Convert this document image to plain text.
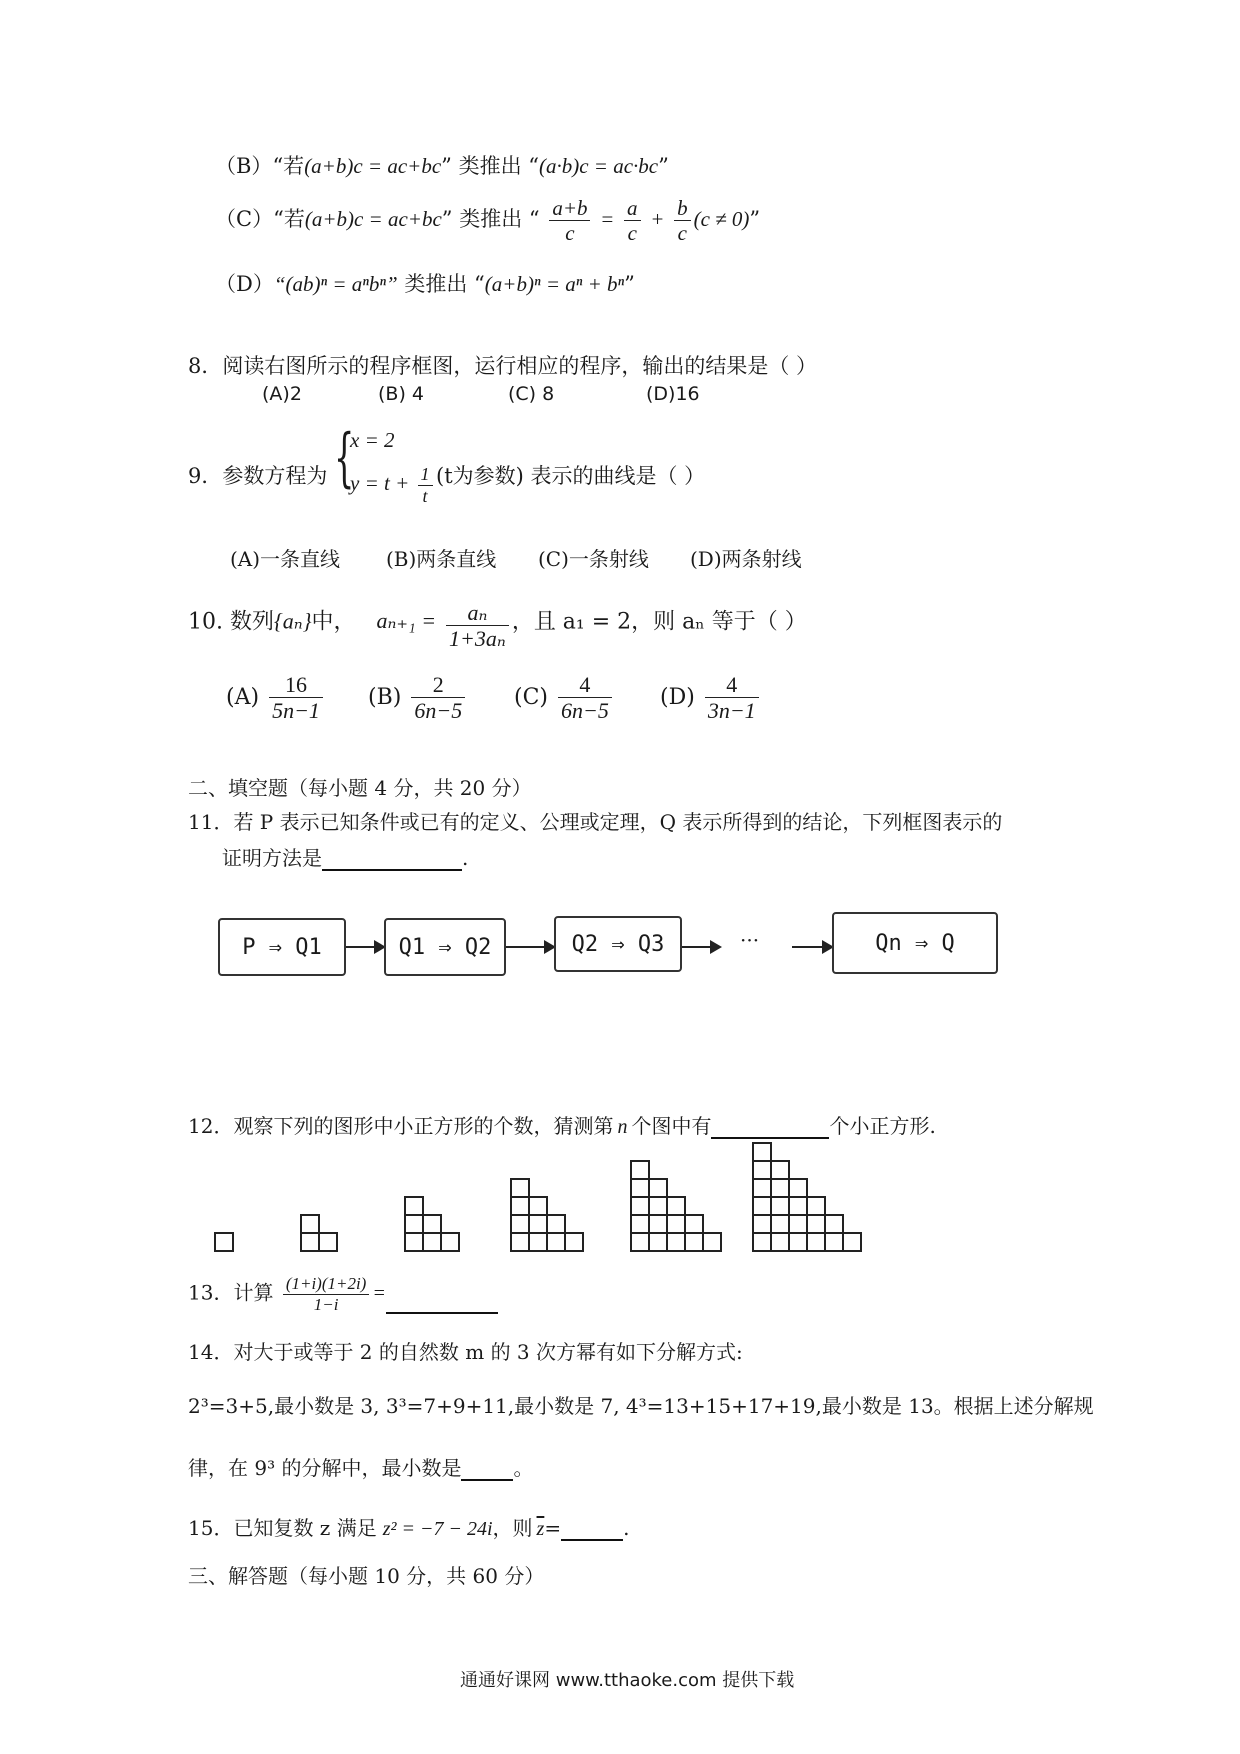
（B）“若(a+b)c = ac+bc” 类推出 “(a·b)c = ac·bc”
（C）“若(a+b)c = ac+bc” 类推出 “ $\frac{a+b}{c} = \frac{a}{c} + \frac{b}{c} (c \ne 0)$”
（D）“(ab)ⁿ = aⁿbⁿ” 类推出 “(a+b)ⁿ = aⁿ + bⁿ”
8．阅读右图所示的程序框图，运行相应的程序，输出的结果是（ ）
(A)2	(B) 4	(C) 8	(D)16
9．参数方程为 {
x = 2
$y = t + \frac{1}{t} (t$为参数) 表示的曲线是（ ）
(A)一条直线 (B)两条直线 (C)一条射线 (D)两条射线
10. 数列{aₙ}中， $a_{n+1} = \frac{\text{aₙ}}{\text{1+3aₙ}}$ ，且 a₁ = 2，则 aₙ 等于（ ）
$(A) \frac{16}{5n-1} (B) \frac{2}{6n-5} (C) \frac{4}{6n-5} (D) \frac{4}{3n-1}$
二、填空题（每小题 4 分，共 20 分）
11．若 P 表示已知条件或已有的定义、公理或定理，Q 表示所得到的结论，下列框图表示的
证明方法是	.
P ⇒ Q1	Q1 ⇒ Q2	Q2 ⇒ Q3	···	Qn ⇒ Q
12．观察下列的图形中小正方形的个数，猜测第 n 个图中有	个小正方形.
13．计算 $\frac{(1+i)(1+2i)}{1-i}$ =
14．对大于或等于 2 的自然数 m 的 3 次方幂有如下分解方式:
2³=3+5,最小数是 3, 3³=7+9+11,最小数是 7, 4³=13+15+17+19,最小数是 13。根据上述分解规
律，在 9³ 的分解中，最小数是	。
15．已知复数 z 满足 z² = −7 − 24i，则 $\overline{z}=$	.
三、解答题（每小题 10 分，共 60 分）
通通好课网 www.tthaoke.com 提供下载
